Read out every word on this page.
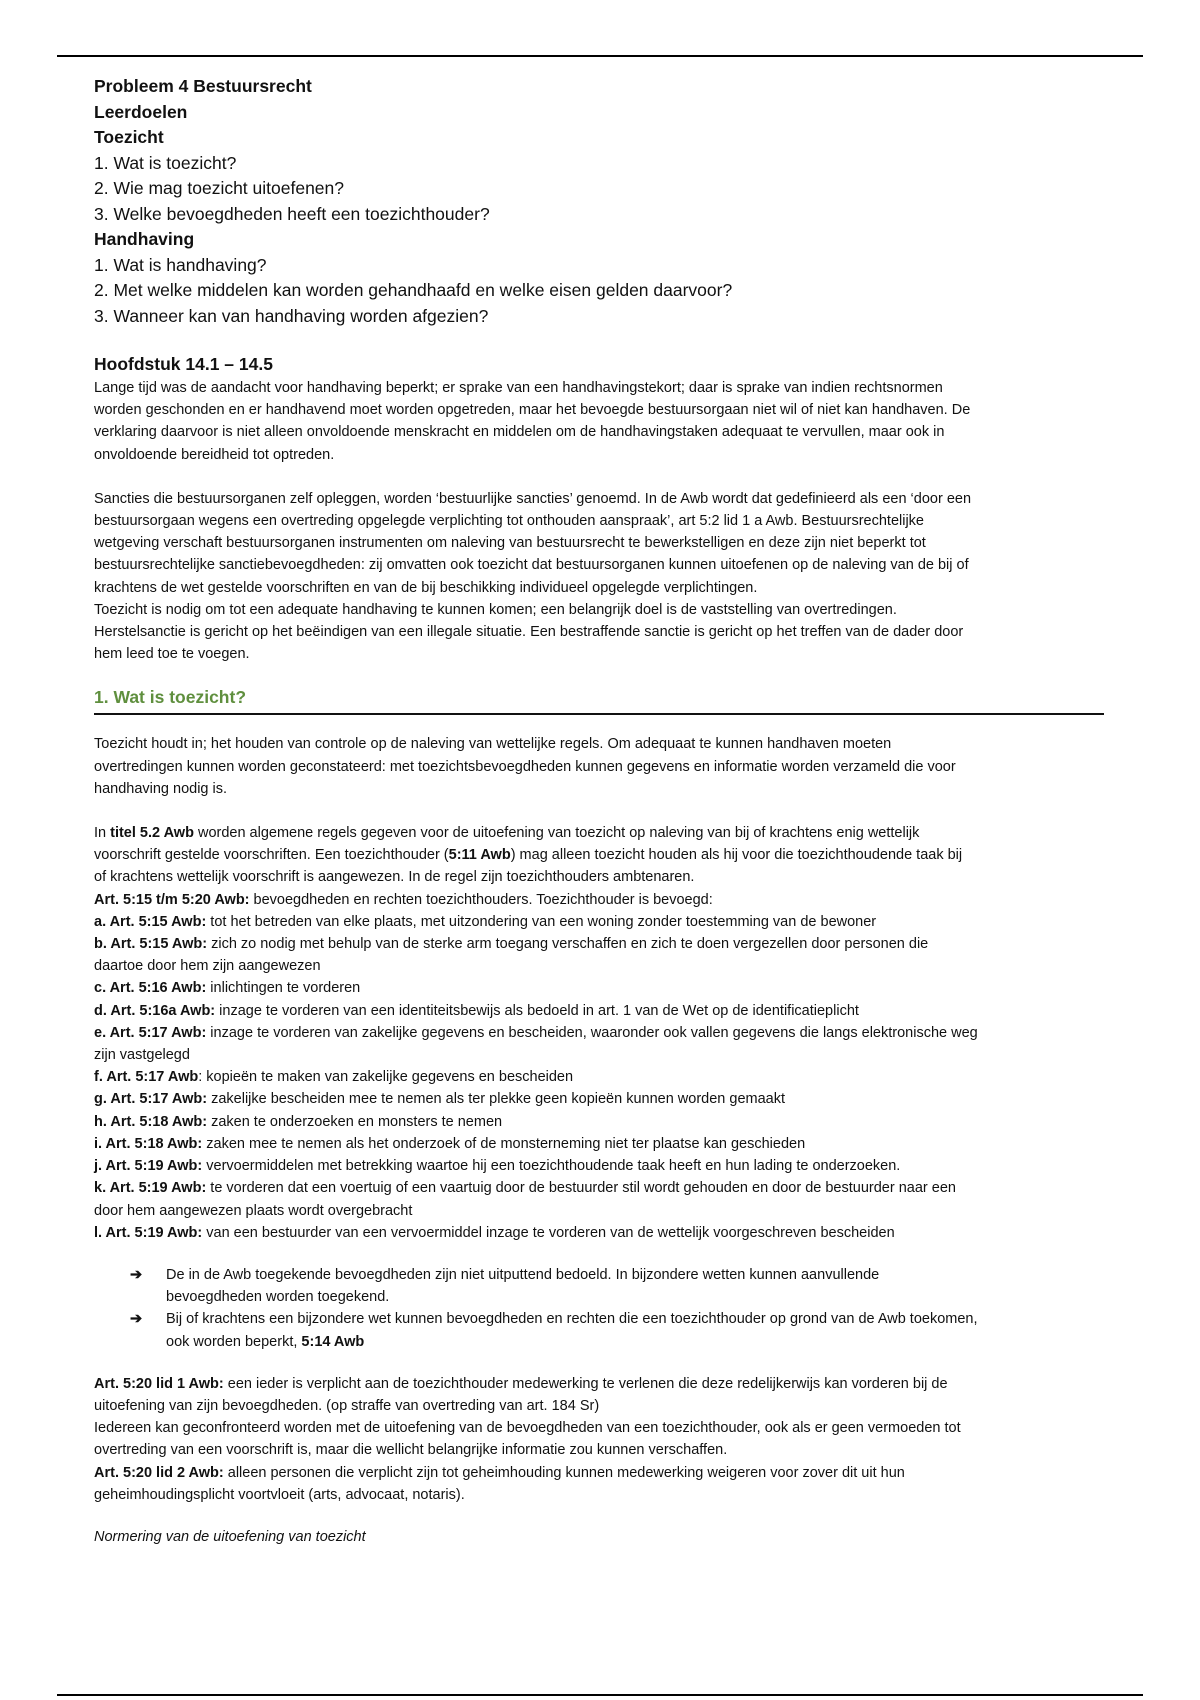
Probleem 4 Bestuursrecht
Leerdoelen
Toezicht
1. Wat is toezicht?
2. Wie mag toezicht uitoefenen?
3. Welke bevoegdheden heeft een toezichthouder?
Handhaving
1. Wat is handhaving?
2. Met welke middelen kan worden gehandhaafd en welke eisen gelden daarvoor?
3. Wanneer kan van handhaving worden afgezien?
Hoofdstuk 14.1 – 14.5

Lange tijd was de aandacht voor handhaving beperkt; er sprake van een handhavingstekort; daar is sprake van indien rechtsnormen
worden geschonden en er handhavend moet worden opgetreden, maar het bevoegde bestuursorgaan niet wil of niet kan handhaven. De
verklaring daarvoor is niet alleen onvoldoende menskracht en middelen om de handhavingstaken adequaat te vervullen, maar ook in
onvoldoende bereidheid tot optreden.

Sancties die bestuursorganen zelf opleggen, worden ‘bestuurlijke sancties’ genoemd. In de Awb wordt dat gedefinieerd als een ‘door een
bestuursorgaan wegens een overtreding opgelegde verplichting tot onthouden aanspraak’, art 5:2 lid 1 a Awb. Bestuursrechtelijke
wetgeving verschaft bestuursorganen instrumenten om naleving van bestuursrecht te bewerkstelligen en deze zijn niet beperkt tot
bestuursrechtelijke sanctiebevoegdheden: zij omvatten ook toezicht dat bestuursorganen kunnen uitoefenen op de naleving van de bij of
krachtens de wet gestelde voorschriften en van de bij beschikking individueel opgelegde verplichtingen.
Toezicht is nodig om tot een adequate handhaving te kunnen komen; een belangrijk doel is de vaststelling van overtredingen.
Herstelsanctie is gericht op het beëindigen van een illegale situatie. Een bestraffende sanctie is gericht op het treffen van de dader door
hem leed toe te voegen.

1. Wat is toezicht?

Toezicht houdt in; het houden van controle op de naleving van wettelijke regels. Om adequaat te kunnen handhaven moeten
overtredingen kunnen worden geconstateerd: met toezichtsbevoegdheden kunnen gegevens en informatie worden verzameld die voor
handhaving nodig is.

In titel 5.2 Awb worden algemene regels gegeven voor de uitoefening van toezicht op naleving van bij of krachtens enig wettelijk
voorschrift gestelde voorschriften. Een toezichthouder (5:11 Awb) mag alleen toezicht houden als hij voor die toezichthoudende taak bij
of krachtens wettelijk voorschrift is aangewezen. In de regel zijn toezichthouders ambtenaren.
Art. 5:15 t/m 5:20 Awb: bevoegdheden en rechten toezichthouders. Toezichthouder is bevoegd:

a. Art. 5:15 Awb: tot het betreden van elke plaats, met uitzondering van een woning zonder toestemming van de bewoner
b. Art. 5:15 Awb: zich zo nodig met behulp van de sterke arm toegang verschaffen en zich te doen vergezellen door personen die
daartoe door hem zijn aangewezen
c. Art. 5:16 Awb: inlichtingen te vorderen
d. Art. 5:16a Awb: inzage te vorderen van een identiteitsbewijs als bedoeld in art. 1 van de Wet op de identificatieplicht
e. Art. 5:17 Awb: inzage te vorderen van zakelijke gegevens en bescheiden, waaronder ook vallen gegevens die langs elektronische weg
zijn vastgelegd
f. Art. 5:17 Awb: kopieën te maken van zakelijke gegevens en bescheiden
g. Art. 5:17 Awb: zakelijke bescheiden mee te nemen als ter plekke geen kopieën kunnen worden gemaakt
h. Art. 5:18 Awb: zaken te onderzoeken en monsters te nemen
i. Art. 5:18 Awb: zaken mee te nemen als het onderzoek of de monsterneming niet ter plaatse kan geschieden
j. Art. 5:19 Awb: vervoermiddelen met betrekking waartoe hij een toezichthoudende taak heeft en hun lading te onderzoeken.
k. Art. 5:19 Awb: te vorderen dat een voertuig of een vaartuig door de bestuurder stil wordt gehouden en door de bestuurder naar een
door hem aangewezen plaats wordt overgebracht
l. Art. 5:19 Awb: van een bestuurder van een vervoermiddel inzage te vorderen van de wettelijk voorgeschreven bescheiden
➔	De in de Awb toegekende bevoegdheden zijn niet uitputtend bedoeld. In bijzondere wetten kunnen aanvullende
bevoegdheden worden toegekend.
➔	Bij of krachtens een bijzondere wet kunnen bevoegdheden en rechten die een toezichthouder op grond van de Awb toekomen,
ook worden beperkt, 5:14 Awb

Art. 5:20 lid 1 Awb: een ieder is verplicht aan de toezichthouder medewerking te verlenen die deze redelijkerwijs kan vorderen bij de
uitoefening van zijn bevoegdheden. (op straffe van overtreding van art. 184 Sr)
Iedereen kan geconfronteerd worden met de uitoefening van de bevoegdheden van een toezichthouder, ook als er geen vermoeden tot
overtreding van een voorschrift is, maar die wellicht belangrijke informatie zou kunnen verschaffen.
Art. 5:20 lid 2 Awb: alleen personen die verplicht zijn tot geheimhouding kunnen medewerking weigeren voor zover dit uit hun
geheimhoudingsplicht voortvloeit (arts, advocaat, notaris).

Normering van de uitoefening van toezicht
